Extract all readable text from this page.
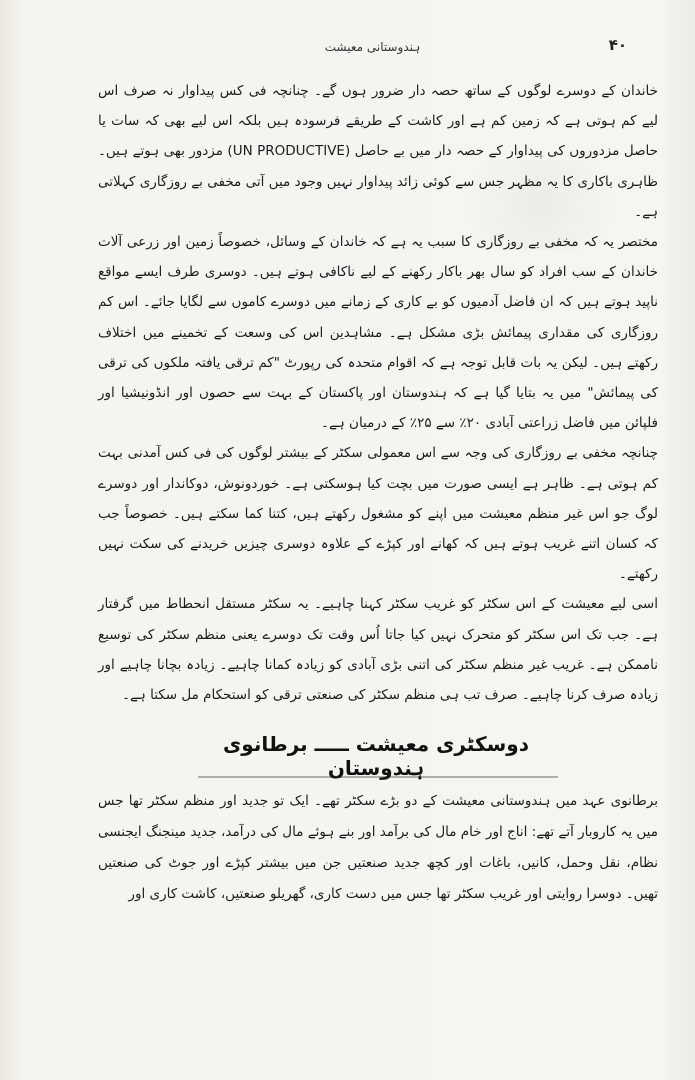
ہندوستانی معیشت	۴۰

خاندان کے دوسرے لوگوں کے ساتھ حصہ دار ضرور ہوں گے۔ چنانچہ فی کس پیداوار نہ صرف اس لیے کم ہوتی ہے کہ زمین کم ہے اور کاشت کے طریقے فرسودہ ہیں بلکہ اس لیے بھی کہ سات یا حاصل مزدوروں کی پیداوار کے حصہ دار میں بے حاصل (UN PRODUCTIVE) مزدور بھی ہوتے ہیں۔ ظاہری باکاری کا یہ مظہر جس سے کوئی زائد پیداوار نہیں وجود میں آتی مخفی بے روزگاری کہلاتی ہے۔

مختصر یہ کہ مخفی بے روزگاری کا سبب یہ ہے کہ خاندان کے وسائل، خصوصاً زمین اور زرعی آلات خاندان کے سب افراد کو سال بھر باکار رکھنے کے لیے ناکافی ہوتے ہیں۔ دوسری طرف ایسے مواقع ناپید ہوتے ہیں کہ ان فاضل آدمیوں کو بے کاری کے زمانے میں دوسرے کاموں سے لگایا جائے۔ اس کم روزگاری کی مقداری پیمائش بڑی مشکل ہے۔ مشاہدین اس کی وسعت کے تخمینے میں اختلاف رکھتے ہیں۔ لیکن یہ بات قابل توجہ ہے کہ اقوام متحدہ کی رپورٹ "کم ترقی یافتہ ملکوں کی ترقی کی پیمائش" میں یہ بتایا گیا ہے کہ ہندوستان اور پاکستان کے بہت سے حصوں اور انڈونیشیا اور فلپائن میں فاضل زراعتی آبادی ۲۰٪ سے ۲۵٪ کے درمیان ہے۔

چنانچہ مخفی بے روزگاری کی وجہ سے اس معمولی سکٹر کے بیشتر لوگوں کی فی کس آمدنی بہت کم ہوتی ہے۔ ظاہر ہے ایسی صورت میں بچت کیا ہوسکتی ہے۔ خوردونوش، دوکاندار اور دوسرے لوگ جو اس غیر منظم معیشت میں اپنے کو مشغول رکھتے ہیں، کتنا کما سکتے ہیں۔ خصوصاً جب کہ کسان اتنے غریب ہوتے ہیں کہ کھانے اور کپڑے کے علاوہ دوسری چیزیں خریدنے کی سکت نہیں رکھتے۔

اسی لیے معیشت کے اس سکٹر کو غریب سکٹر کہنا چاہیے۔ یہ سکٹر مستقل انحطاط میں گرفتار ہے۔ جب تک اس سکٹر کو متحرک نہیں کیا جاتا اُس وقت تک دوسرے یعنی منظم سکٹر کی توسیع ناممکن ہے۔ غریب غیر منظم سکٹر کی اتنی بڑی آبادی کو زیادہ کمانا چاہیے۔ زیادہ بچانا چاہیے اور زیادہ صرف کرنا چاہیے۔ صرف تب ہی منظم سکٹر کی صنعتی ترقی کو استحکام مل سکتا ہے۔

دوسکٹری معیشت ـــــ برطانوی ہندوستان

برطانوی عہد میں ہندوستانی معیشت کے دو بڑے سکٹر تھے۔ ایک تو جدید اور منظم سکٹر تھا جس میں یہ کاروبار آتے تھے: اناج اور خام مال کی برآمد اور بنے ہوئے مال کی درآمد، جدید مینجنگ ایجنسی نظام، نقل وحمل، کانیں، باغات اور کچھ جدید صنعتیں جن میں بیشتر کپڑے اور جوٹ کی صنعتیں تھیں۔ دوسرا روایتی اور غریب سکٹر تھا جس میں دست کاری، گھریلو صنعتیں، کاشت کاری اور
